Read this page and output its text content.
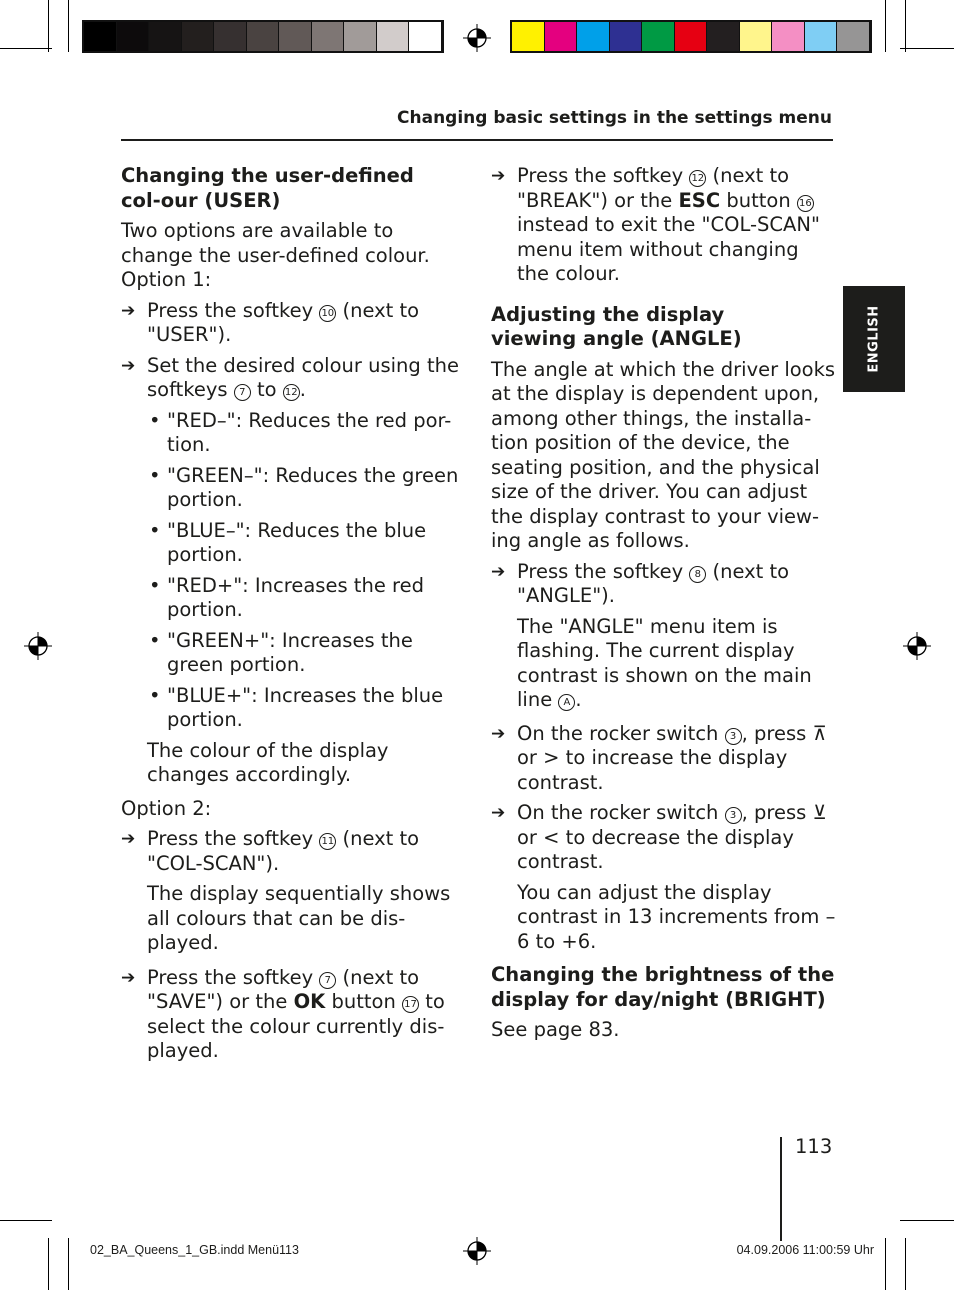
Changing basic settings in the settings menu
ENGLISH

Changing the user-defined col-our (USER)

Two options are available to change the user-defined colour. Option 1:

➔ Press the softkey 10 (next to "USER").

➔ Set the desired colour using the softkeys 7 to 12 .

• "RED–": Reduces the red por-tion.

• "GREEN–": Reduces the green portion.

• "BLUE–": Reduces the blue portion.

• "RED+": Increases the red portion.

• "GREEN+": Increases the green portion.

• "BLUE+": Increases the blue portion.

The colour of the display changes accordingly.

Option 2:

➔ Press the softkey 11 (next to "COL-SCAN").

The display sequentially shows all colours that can be dis-played.

➔ Press the softkey 7 (next to "SAVE") or the OK button 17 to select the colour currently dis-played.

➔ Press the softkey 12 (next to "BREAK") or the ESC button 16 instead to exit the "COL-SCAN" menu item without changing the colour.

Adjusting the display viewing angle (ANGLE)

The angle at which the driver looks at the display is dependent upon, among other things, the installa-tion position of the device, the seating position, and the physical size of the driver. You can adjust the display contrast to your view-ing angle as follows.

➔ Press the softkey 8 (next to "ANGLE").

The "ANGLE" menu item is flashing. The current display contrast is shown on the main line A .

➔ On the rocker switch 3 , press ⊼ or > to increase the display contrast.

➔ On the rocker switch 3 , press ⊻ or < to decrease the display contrast.

You can adjust the display contrast in 13 increments from –6 to +6.

Changing the brightness of the display for day/night (BRIGHT)

See page 83.

113
02_BA_Queens_1_GB.indd Menü113	04.09.2006 11:00:59 Uhr
